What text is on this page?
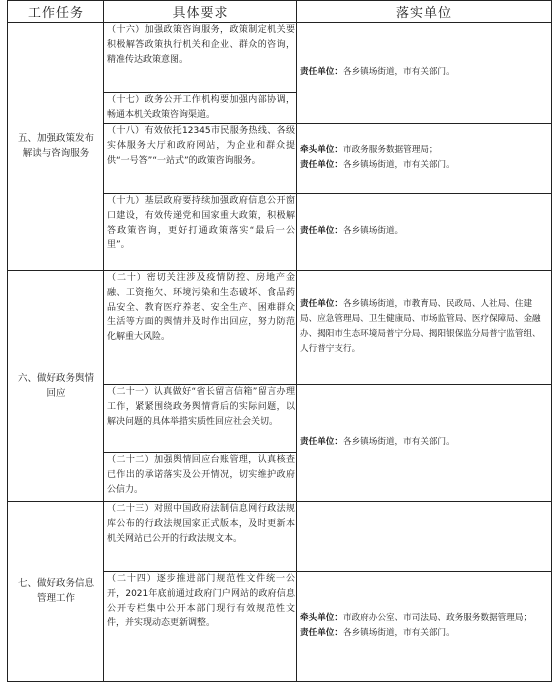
工作任务	具体要求	落实单位
五、加强政策发布解读与咨询服务
六、做好政务舆情回应
七、做好政务信息管理工作
（十六）加强政策咨询服务，政策制定机关要积极解答政策执行机关和企业、群众的咨询，精准传达政策意图。
（十七）政务公开工作机构要加强内部协调，畅通本机关政策咨询渠道。
（十八）有效依托12345市民服务热线、各级实体服务大厅和政府网站，为企业和群众提供“一号答”“一站式”的政策咨询服务。
（十九）基层政府要持续加强政府信息公开窗口建设，有效传递党和国家重大政策，积极解答政策咨询，更好打通政策落实“最后一公里”。
（二十）密切关注涉及疫情防控、房地产金融、工资拖欠、环境污染和生态破坏、食品药品安全、教育医疗养老、安全生产、困难群众生活等方面的舆情并及时作出回应，努力防范化解重大风险。
（二十一）认真做好“省长留言信箱”留言办理工作，紧紧围绕政务舆情背后的实际问题，以解决问题的具体举措实质性回应社会关切。
（二十二）加强舆情回应台账管理，认真核查已作出的承诺落实及公开情况，切实维护政府公信力。
（二十三）对照中国政府法制信息网行政法规库公布的行政法规国家正式版本，及时更新本机关网站已公开的行政法规文本。
（二十四）逐步推进部门规范性文件统一公开，2021年底前通过政府门户网站的政府信息公开专栏集中公开本部门现行有效规范性文件，并实现动态更新调整。
责任单位：各乡镇场街道，市有关部门。
牵头单位：市政务服务数据管理局；
责任单位：各乡镇场街道，市有关部门。
责任单位：各乡镇场街道。
责任单位：各乡镇场街道，市教育局、民政局、人社局、住建局、应急管理局、卫生健康局、市场监管局、医疗保障局、金融办、揭阳市生态环境局普宁分局、揭阳银保监分局普宁监管组、人行普宁支行。
责任单位：各乡镇场街道，市有关部门。
牵头单位：市政府办公室、市司法局、政务服务数据管理局；
责任单位：各乡镇场街道，市有关部门。
